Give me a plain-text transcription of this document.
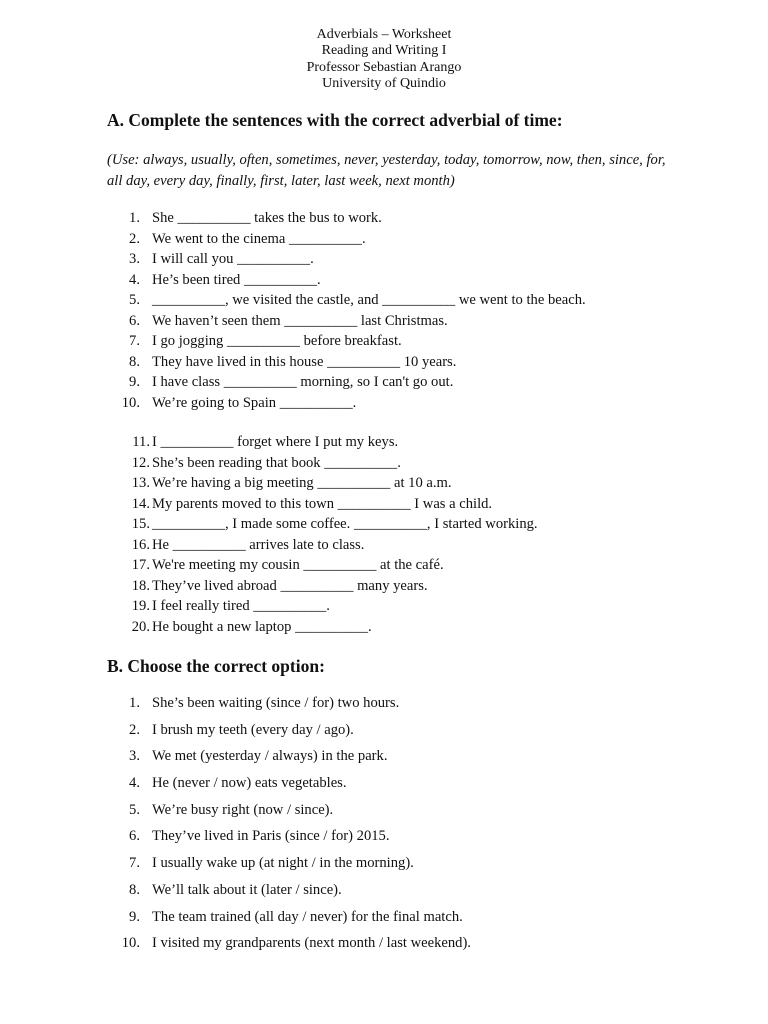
Adverbials – Worksheet
Reading and Writing I
Professor Sebastian Arango
University of Quindio
A. Complete the sentences with the correct adverbial of time:
(Use: always, usually, often, sometimes, never, yesterday, today, tomorrow, now, then, since, for, all day, every day, finally, first, later, last week, next month)
1. She __________ takes the bus to work.
2. We went to the cinema __________.
3. I will call you __________.
4. He’s been tired __________.
5. __________, we visited the castle, and __________ we went to the beach.
6. We haven’t seen them __________ last Christmas.
7. I go jogging __________ before breakfast.
8. They have lived in this house __________ 10 years.
9. I have class __________ morning, so I can't go out.
10. We’re going to Spain __________.
11. I __________ forget where I put my keys.
12. She’s been reading that book __________.
13. We’re having a big meeting __________ at 10 a.m.
14. My parents moved to this town __________ I was a child.
15. __________, I made some coffee. __________, I started working.
16. He __________ arrives late to class.
17. We're meeting my cousin __________ at the café.
18. They’ve lived abroad __________ many years.
19. I feel really tired __________.
20. He bought a new laptop __________.
B. Choose the correct option:
1. She’s been waiting (since / for) two hours.
2. I brush my teeth (every day / ago).
3. We met (yesterday / always) in the park.
4. He (never / now) eats vegetables.
5. We’re busy right (now / since).
6. They’ve lived in Paris (since / for) 2015.
7. I usually wake up (at night / in the morning).
8. We’ll talk about it (later / since).
9. The team trained (all day / never) for the final match.
10. I visited my grandparents (next month / last weekend).
